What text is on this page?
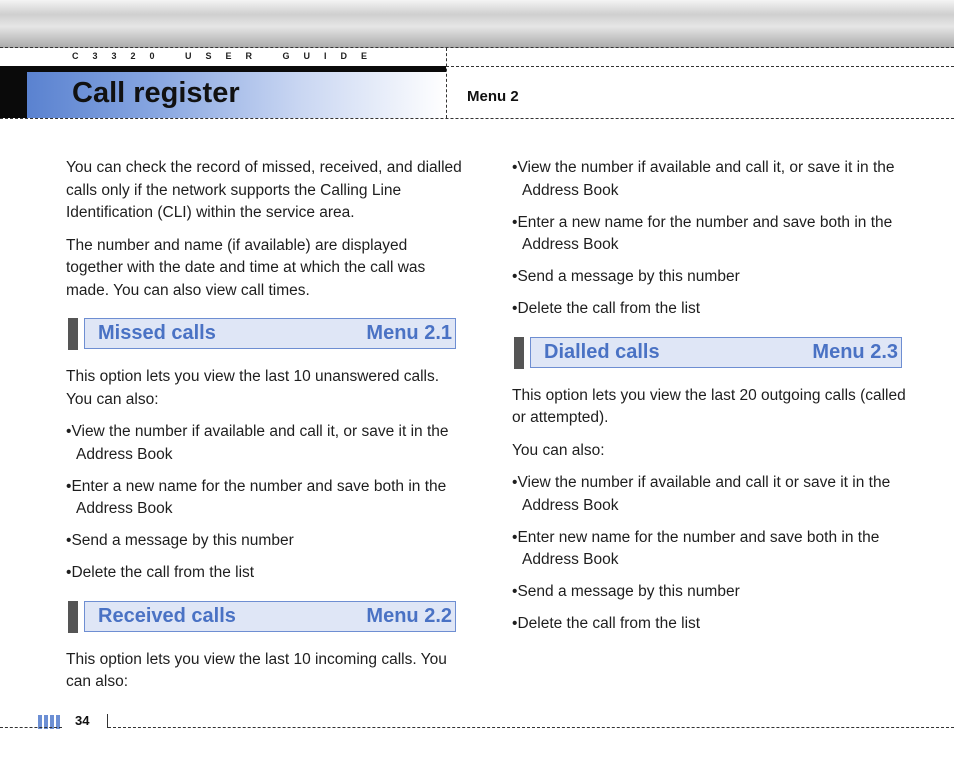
C3320 USER GUIDE
Call register	Menu 2

You can check the record of missed, received, and dialled calls only if the network supports the Calling Line Identification (CLI) within the service area.

The number and name (if available) are displayed together with the date and time at which the call was made. You can also view call times.

Missed calls	Menu 2.1

This option lets you view the last 10 unanswered calls. You can also:

• View the number if available and call it, or save it in the Address Book
• Enter a new name for the number and save both in the Address Book
• Send a message by this number
• Delete the call from the list
Received calls	Menu 2.2

This option lets you view the last 10 incoming calls. You can also:

• View the number if available and call it, or save it in the Address Book
• Enter a new name for the number and save both in the Address Book
• Send a message by this number
• Delete the call from the list
Dialled calls	Menu 2.3

This option lets you view the last 20 outgoing calls (called or attempted).

You can also:

• View the number if available and call it or save it in the Address Book
• Enter new name for the number and save both in the Address Book
• Send a message by this number
• Delete the call from the list
34
